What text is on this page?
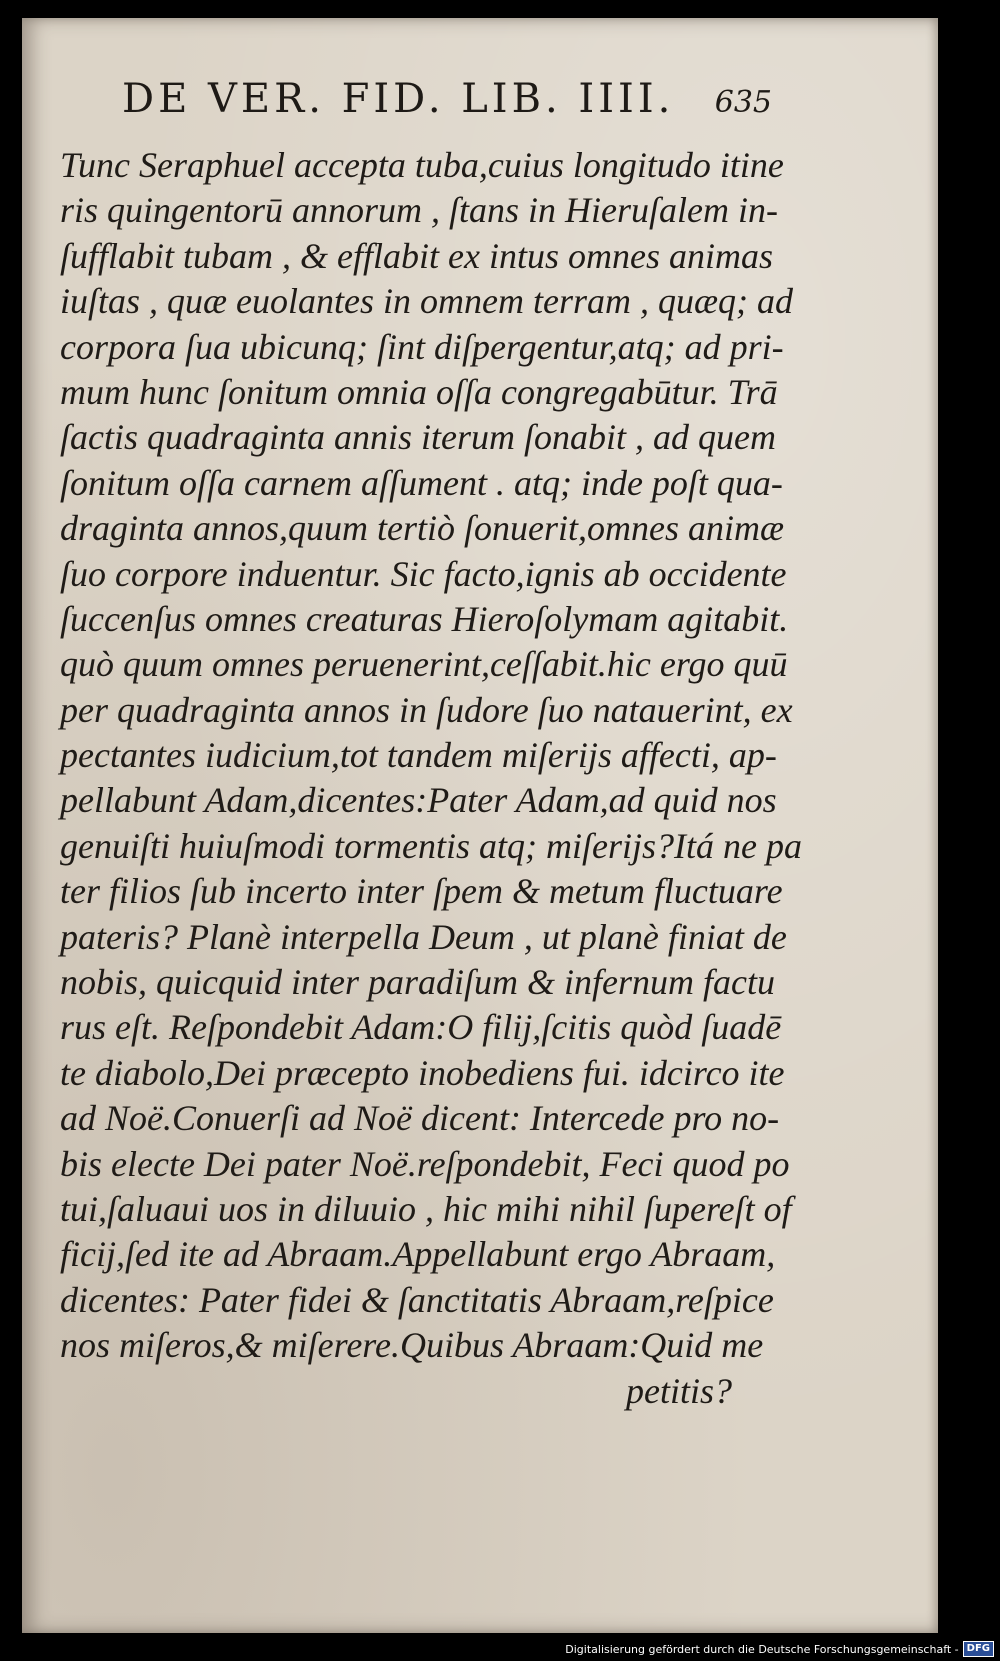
DE VER. FID. LIB. IIII. 635
Tunc Seraphuel accepta tuba,cuius longitudo itine
ris quingentorū annorum , ſtans in Hieruſalem in-
ſufflabit tubam , & efflabit ex intus omnes animas
iuſtas , quæ euolantes in omnem terram , quæq; ad
corpora ſua ubicunq; ſint diſpergentur,atq; ad pri-
mum hunc ſonitum omnia oſſa congregabūtur. Trā
ſactis quadraginta annis iterum ſonabit , ad quem
ſonitum oſſa carnem aſſument . atq; inde poſt qua-
draginta annos,quum tertiò ſonuerit,omnes animæ
ſuo corpore induentur. Sic facto,ignis ab occidente
ſuccenſus omnes creaturas Hieroſolymam agitabit.
quò quum omnes peruenerint,ceſſabit.hic ergo quū
per quadraginta annos in ſudore ſuo natauerint, ex
pectantes iudicium,tot tandem miſerijs affecti, ap-
pellabunt Adam,dicentes:Pater Adam,ad quid nos
genuiſti huiuſmodi tormentis atq; miſerijs?Itá ne pa
ter filios ſub incerto inter ſpem & metum fluctuare
pateris? Planè interpella Deum , ut planè finiat de
nobis, quicquid inter paradiſum & infernum factu
rus eſt. Reſpondebit Adam:O filij,ſcitis quòd ſuadē
te diabolo,Dei præcepto inobediens fui. idcirco ite
ad Noë.Conuerſi ad Noë dicent: Intercede pro no-
bis electe Dei pater Noë.reſpondebit, Feci quod po
tui,ſaluaui uos in diluuio , hic mihi nihil ſupereſt of
ficij,ſed ite ad Abraam.Appellabunt ergo Abraam,
dicentes: Pater fidei & ſanctitatis Abraam,reſpice
nos miſeros,& miſerere.Quibus Abraam:Quid me
petitis?
Digitalisierung gefördert durch die Deutsche Forschungsgemeinschaft - DFG
